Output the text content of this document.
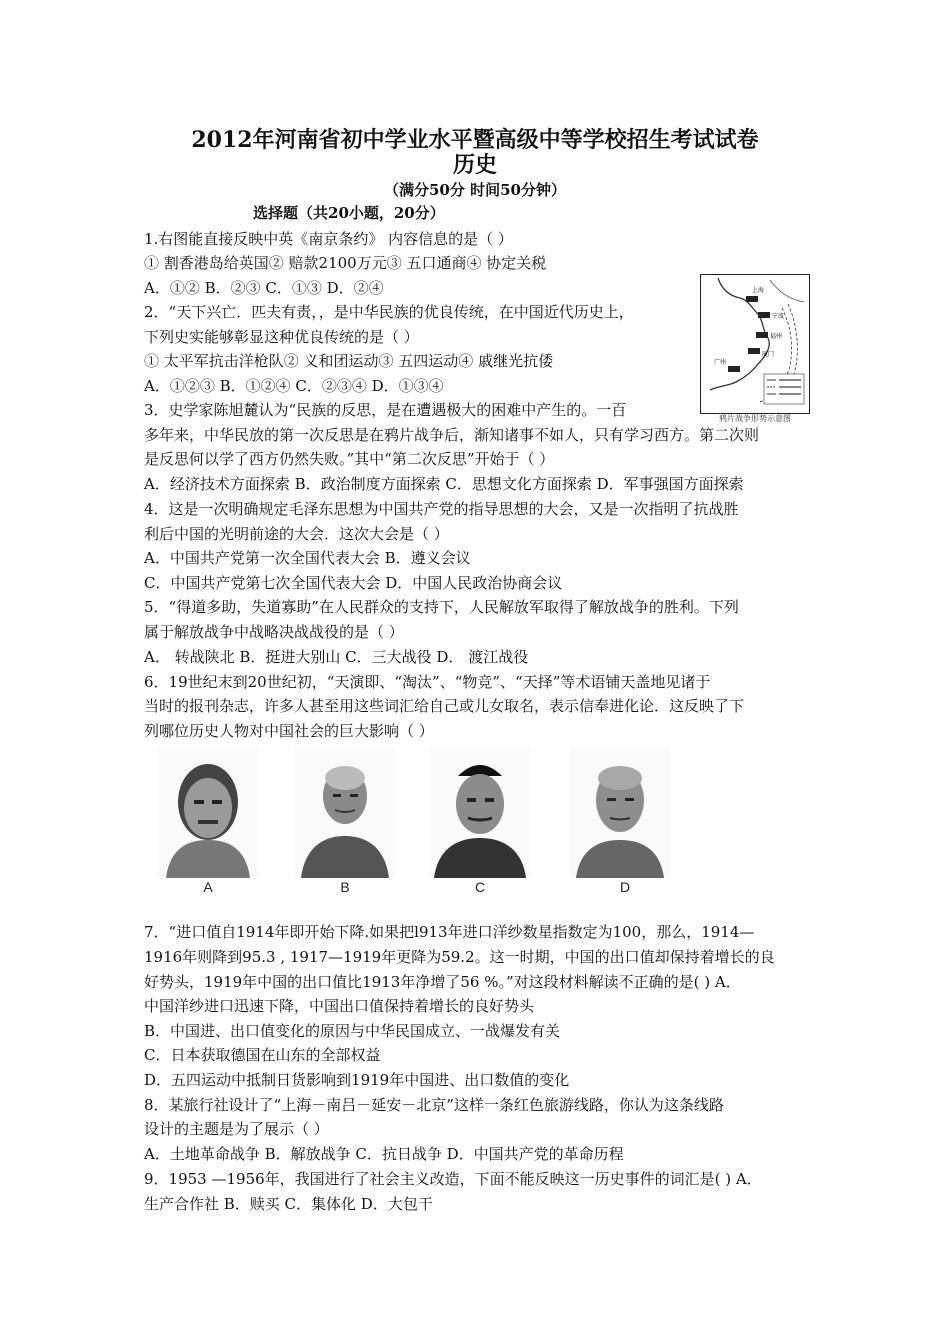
2012年河南省初中学业水平暨高级中等学校招生考试试卷
历史
（满分50分 时间50分钟）
选择题（共20小题，20分）
1.右图能直接反映中英《南京条约》 内容信息的是（ ）
① 割香港岛给英国② 赔款2100万元③ 五口通商④ 协定关税
A．①② B．②③ C．①③ D．②④
2．“天下兴亡．匹夫有责，，是中华民族的优良传统，在中国近代历史上，
下列史实能够彰显这种优良传统的是（ ）
① 太平军抗击洋枪队② 义和团运动③ 五四运动④ 戚继光抗倭
A．①②③ B．①②④ C．②③④ D．①③④
3．史学家陈旭麓认为“民族的反思，是在遭遇极大的困难中产生的。一百
多年来，中华民放的第一次反思是在鸦片战争后，渐知诸事不如人，只有学习西方。第二次则
是反思何以学了西方仍然失败。”其中“第二次反思”开始于（ ）
A．经济技术方面探索 B．政治制度方面探索 C．思想文化方面探索 D．军事强国方面探索
4．这是一次明确规定毛泽东思想为中国共产党的指导思想的大会，又是一次指明了抗战胜
利后中国的光明前途的大会．这次大会是（ ）
A．中国共产党第一次全国代表大会 B．遵义会议
C．中国共产党第七次全国代表大会 D．中国人民政治协商会议
5．“得道多助，失道寡助”在人民群众的支持下，人民解放军取得了解放战争的胜利。下列
属于解放战争中战略决战战役的是（ ）
A． 转战陕北 B．挺进大别山 C．三大战役 D． 渡江战役
6．19世纪末到20世纪初，“天演即、“淘汰”、“物竞”、“天择”等术语铺天盖地见诸于
当时的报刊杂志，许多人甚至用这些词汇给自己或儿女取名，表示信奉进化论．这反映了下
列哪位历史人物对中国社会的巨大影响（ ）
7．“进口值自1914年即开始下降.如果把l913年进口洋纱数星指数定为100，那么，1914—
1916年则降到95.3 , 1917—1919年更降为59.2。这一时期，中国的出口值却保持着增长的良
好势头，1919年中国的出口值比1913年净增了56 %。”对这段材料解读不正确的是( ) A．
中国洋纱进口迅速下降，中国出口值保持着增长的良好势头
B．中国进、出口值变化的原因与中华民国成立、一战爆发有关
C．日本获取德国在山东的全部权益
D．五四运动中抵制日货影响到1919年中国进、出口数值的变化
8．某旅行社设计了“上海－南吕－延安－北京”这样一条红色旅游线路，你认为这条线路
设计的主题是为了展示（ ）
A．土地革命战争 B．解放战争 C．抗日战争 D．中国共产党的革命历程
9．1953 —1956年，我国进行了社会主义改造，下面不能反映这一历史事件的词汇是( ) A．
生产合作社 B．赎买 C．集体化 D．大包干
上海
宁波
福州
厦门
广州
鸦片战争形势示意图
A	B	C	D
